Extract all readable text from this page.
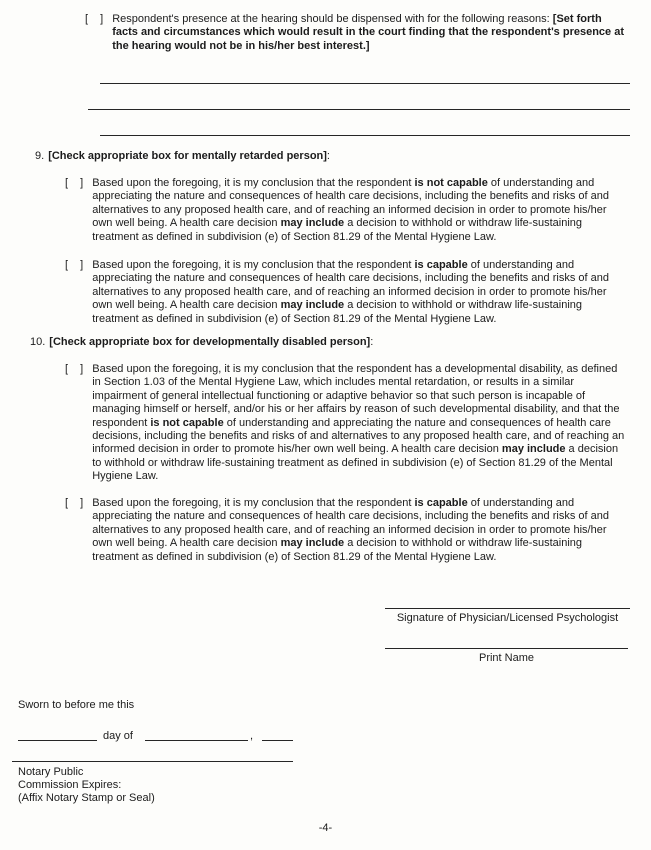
[  ] Respondent's presence at the hearing should be dispensed with for the following reasons: [Set forth facts and circumstances which would result in the court finding that the respondent's presence at the hearing would not be in his/her best interest.]
9. [Check appropriate box for mentally retarded person]:
[  ] Based upon the foregoing, it is my conclusion that the respondent is not capable of understanding and appreciating the nature and consequences of health care decisions, including the benefits and risks of and alternatives to any proposed health care, and of reaching an informed decision in order to promote his/her own well being. A health care decision may include a decision to withhold or withdraw life-sustaining treatment as defined in subdivision (e) of Section 81.29 of the Mental Hygiene Law.
[  ] Based upon the foregoing, it is my conclusion that the respondent is capable of understanding and appreciating the nature and consequences of health care decisions, including the benefits and risks of and alternatives to any proposed health care, and of reaching an informed decision in order to promote his/her own well being. A health care decision may include a decision to withhold or withdraw life-sustaining treatment as defined in subdivision (e) of Section 81.29 of the Mental Hygiene Law.
10. [Check appropriate box for developmentally disabled person]:
[  ] Based upon the foregoing, it is my conclusion that the respondent has a developmental disability, as defined in Section 1.03 of the Mental Hygiene Law, which includes mental retardation, or results in a similar impairment of general intellectual functioning or adaptive behavior so that such person is incapable of managing himself or herself, and/or his or her affairs by reason of such developmental disability, and that the respondent is not capable of understanding and appreciating the nature and consequences of health care decisions, including the benefits and risks of and alternatives to any proposed health care, and of reaching an informed decision in order to promote his/her own well being. A health care decision may include a decision to withhold or withdraw life-sustaining treatment as defined in subdivision (e) of Section 81.29 of the Mental Hygiene Law.
[  ] Based upon the foregoing, it is my conclusion that the respondent is capable of understanding and appreciating the nature and consequences of health care decisions, including the benefits and risks of and alternatives to any proposed health care, and of reaching an informed decision in order to promote his/her own well being. A health care decision may include a decision to withhold or withdraw life-sustaining treatment as defined in subdivision (e) of Section 81.29 of the Mental Hygiene Law.
Signature of Physician/Licensed Psychologist
Print Name
Sworn to before me this
day of	,
Notary Public
Commission Expires:
(Affix Notary Stamp or Seal)
-4-
